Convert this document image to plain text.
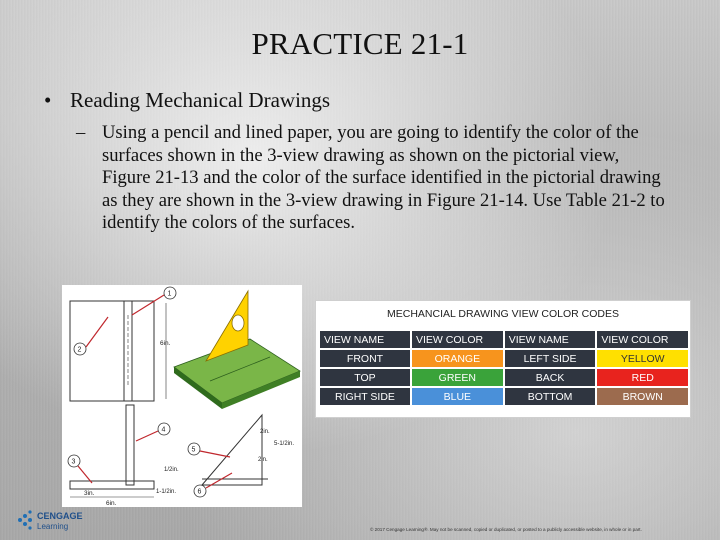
PRACTICE 21-1
• Reading Mechanical Drawings
– Using a pencil and lined paper, you are going to identify the color of the surfaces shown in the 3-view drawing as shown on the pictorial view, Figure 21-13 and the color of the surface identified in the pictorial drawing as they are shown in the 3-view drawing in Figure 21-14. Use Table 21-2 to identify the colors of the surfaces.
6in.
1
2
3in.
6in.
1-1/2in.
1/2in.
3
4	2in.
5-1/2in.
2in.
5
6
MECHANCIAL DRAWING VIEW COLOR CODES
VIEW NAME	VIEW COLOR	VIEW NAME	VIEW COLOR
FRONT	ORANGE	LEFT SIDE	YELLOW
TOP	GREEN	BACK	RED
RIGHT SIDE	BLUE	BOTTOM	BROWN
CENGAGE
Learning	© 2017 Cengage Learning®. May not be scanned, copied or duplicated, or posted to a publicly accessible website, in whole or in part.
